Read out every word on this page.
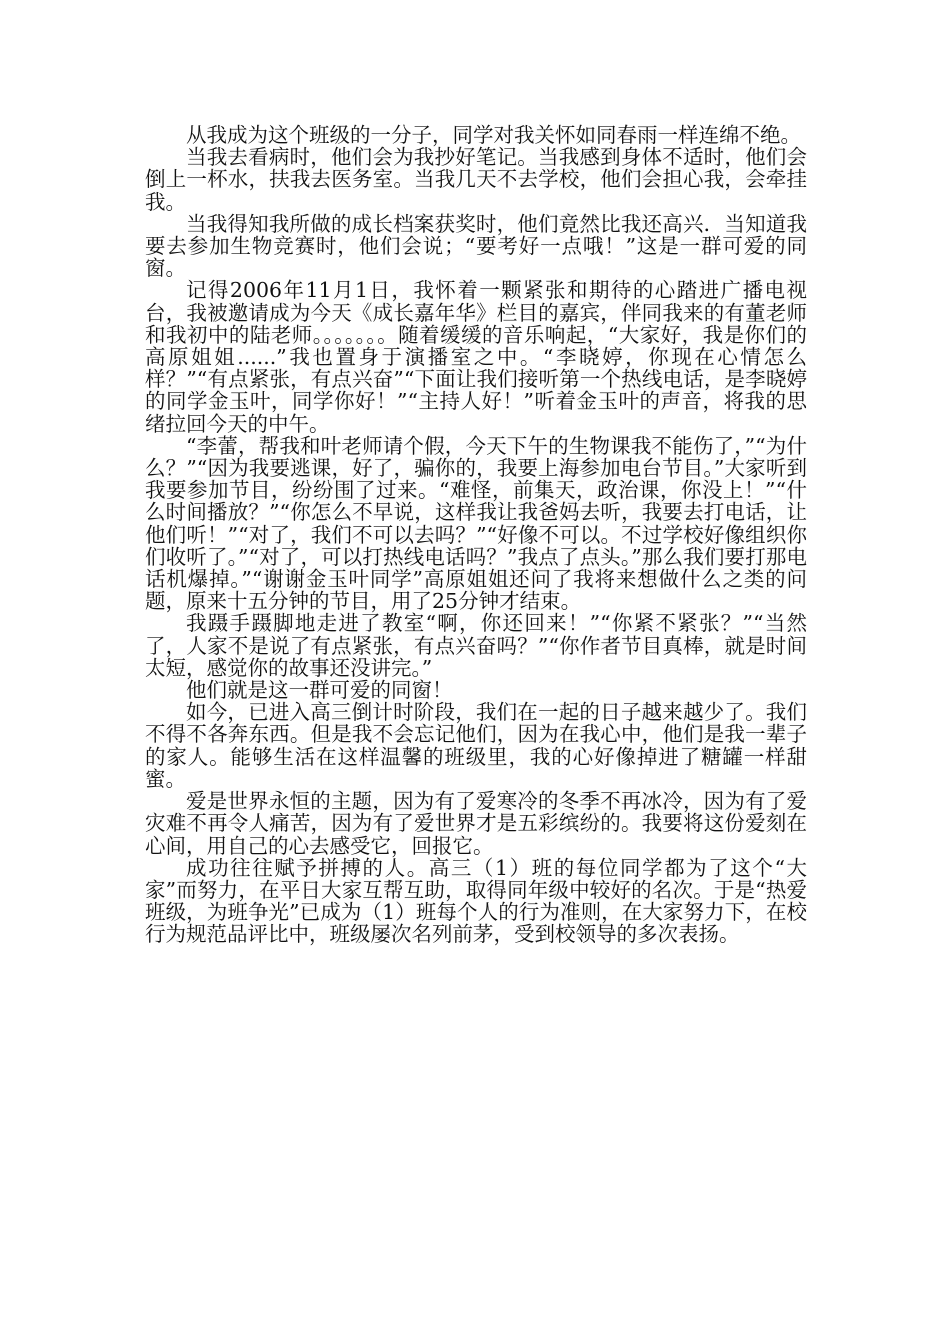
从我成为这个班级的一分子，同学对我关怀如同春雨一样连绵不绝。

当我去看病时，他们会为我抄好笔记。当我感到身体不适时，他们会倒上一杯水，扶我去医务室。当我几天不去学校，他们会担心我，会牵挂我。

当我得知我所做的成长档案获奖时，他们竟然比我还高兴．当知道我要去参加生物竞赛时，他们会说；“要考好一点哦！”这是一群可爱的同窗。

记得2006年11月1日，我怀着一颗紧张和期待的心踏进广播电视台，我被邀请成为今天《成长嘉年华》栏目的嘉宾，伴同我来的有董老师和我初中的陆老师。。。。。。。随着缓缓的音乐响起，“大家好，我是你们的高原姐姐......”我也置身于演播室之中。“李晓婷，你现在心情怎么样？”“有点紧张，有点兴奋”“下面让我们接听第一个热线电话，是李晓婷的同学金玉叶，同学你好！”“主持人好！”听着金玉叶的声音，将我的思绪拉回今天的中午。

“李蕾，帮我和叶老师请个假，今天下午的生物课我不能伤了，”“为什么？”“因为我要逃课，好了，骗你的，我要上海参加电台节目。”大家听到我要参加节目，纷纷围了过来。“难怪，前集天，政治课，你没上！”“什么时间播放？”“你怎么不早说，这样我让我爸妈去听，我要去打电话，让他们听！”“对了，我们不可以去吗？”“好像不可以。不过学校好像组织你们收听了。”“对了，可以打热线电话吗？”我点了点头。”那么我们要打那电话机爆掉。”“谢谢金玉叶同学”高原姐姐还问了我将来想做什么之类的问题，原来十五分钟的节目，用了25分钟才结束。

我蹑手蹑脚地走进了教室“啊，你还回来！”“你紧不紧张？”“当然了，人家不是说了有点紧张，有点兴奋吗？”“你作者节目真棒，就是时间太短，感觉你的故事还没讲完。”

他们就是这一群可爱的同窗！

如今，已进入高三倒计时阶段，我们在一起的日子越来越少了。我们不得不各奔东西。但是我不会忘记他们，因为在我心中，他们是我一辈子的家人。能够生活在这样温馨的班级里，我的心好像掉进了糖罐一样甜蜜。

爱是世界永恒的主题，因为有了爱寒冷的冬季不再冰冷，因为有了爱灾难不再令人痛苦，因为有了爱世界才是五彩缤纷的。我要将这份爱刻在心间，用自己的心去感受它，回报它。

成功往往赋予拼搏的人。高三（1）班的每位同学都为了这个“大家”而努力，在平日大家互帮互助，取得同年级中较好的名次。于是“热爱班级，为班争光”已成为（1）班每个人的行为准则，在大家努力下，在校行为规范品评比中，班级屡次名列前茅，受到校领导的多次表扬。
